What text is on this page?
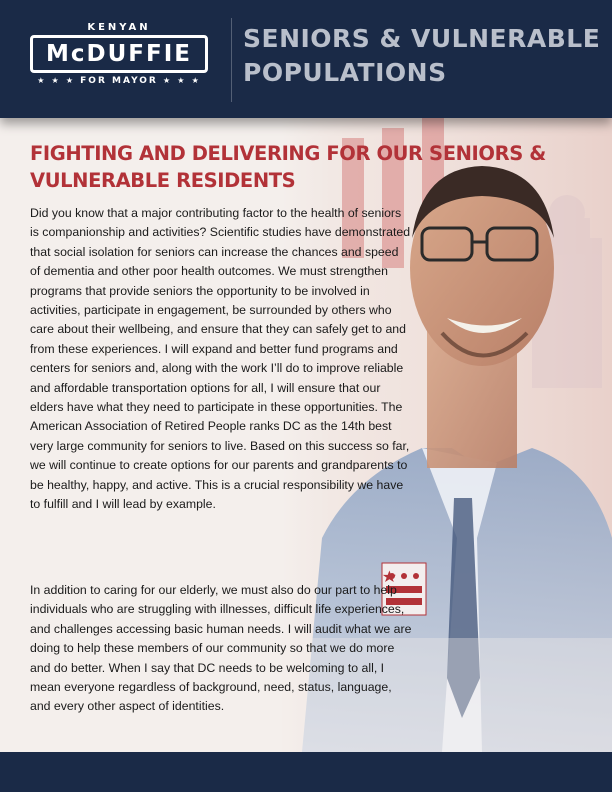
KENYAN
McDUFFIE
★ ★ ★ FOR MAYOR ★ ★ ★
SENIORS & VULNERABLE
POPULATIONS
FIGHTING AND DELIVERING FOR OUR SENIORS &
VULNERABLE RESIDENTS

Did you know that a major contributing factor to the health of seniors is companionship and activities? Scientific studies have demonstrated that social isolation for seniors can increase the chances and speed of dementia and other poor health outcomes. We must strengthen programs that provide seniors the opportunity to be involved in activities, participate in engagement, be surrounded by others who care about their wellbeing, and ensure that they can safely get to and from these experiences. I will expand and better fund programs and centers for seniors and, along with the work I’ll do to improve reliable and affordable transportation options for all, I will ensure that our elders have what they need to participate in these opportunities. The American Association of Retired People ranks DC as the 14th best very large community for seniors to live. Based on this success so far, we will continue to create options for our parents and grandparents to be healthy, happy, and active. This is a crucial responsibility we have to fulfill and I will lead by example.

In addition to caring for our elderly, we must also do our part to help individuals who are struggling with illnesses, difficult life experiences, and challenges accessing basic human needs. I will audit what we are doing to help these members of our community so that we do more and do better. When I say that DC needs to be welcoming to all, I mean everyone regardless of background, need, status, language, and every other aspect of identities.
